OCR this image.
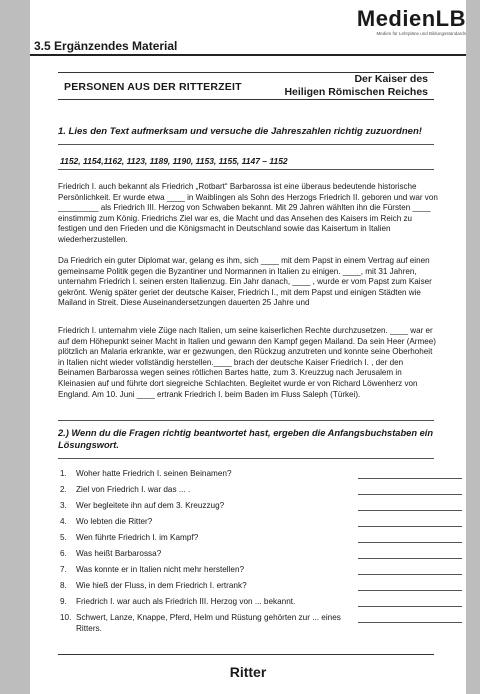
MedienLB
Medien für Lehrpläne und Bildungsstandards
3.5 Ergänzendes Material
PERSONEN AUS DER RITTERZEIT
Der Kaiser des
Heiligen Römischen Reiches
1. Lies den Text aufmerksam und versuche die Jahreszahlen richtig zuzuordnen!
1152, 1154,1162, 1123, 1189, 1190, 1153, 1155, 1147 – 1152

Friedrich I. auch bekannt als Friedrich „Rotbart“ Barbarossa ist eine überaus bedeutende historische Persönlichkeit. Er wurde etwa ____ in Waiblingen als Sohn des Herzogs Friedrich II. geboren und war von _________ als Friedrich III. Herzog von Schwaben bekannt. Mit 29 Jahren wählten ihn die Fürsten ____ einstimmig zum König. Friedrichs Ziel war es, die Macht und das Ansehen des Kaisers im Reich zu festigen und den Frieden und die Königsmacht in Deutschland sowie das Kaisertum in Italien wiederherzustellen.

Da Friedrich ein guter Diplomat war, gelang es ihm, sich ____ mit dem Papst in einem Vertrag auf einen gemeinsame Politik gegen die Byzantiner und Normannen in Italien zu einigen. ____, mit 31 Jahren, unternahm Friedrich I. seinen ersten Italienzug. Ein Jahr danach, ____ , wurde er vom Papst zum Kaiser gekrönt. Wenig später geriet der deutsche Kaiser, Friedrich I., mit dem Papst und einigen Städten wie Mailand in Streit. Diese Auseinandersetzungen dauerten 25 Jahre und

Friedrich I. unternahm viele Züge nach Italien, um seine kaiserlichen Rechte durchzusetzen. ____ war er auf dem Höhepunkt seiner Macht in Italien und gewann den Kampf gegen Mailand. Da sein Heer (Armee) plötzlich an Malaria erkrankte, war er gezwungen, den Rückzug anzutreten und konnte seine Oberhoheit in Italien nicht wieder vollständig herstellen.____ brach der deutsche Kaiser Friedrich I. , der den Beinamen Barbarossa wegen seines rötlichen Bartes hatte, zum 3. Kreuzzug nach Jerusalem in Kleinasien auf und führte dort siegreiche Schlachten. Begleitet wurde er von Richard Löwenherz von England. Am 10. Juni ____ ertrank Friedrich I. beim Baden im Fluss Saleph (Türkei).

2.) Wenn du die Fragen richtig beantwortet hast, ergeben die Anfangsbuchstaben ein Lösungswort.
1. Woher hatte Friedrich I. seinen Beinamen?
2. Ziel von Friedrich I. war das ... .
3. Wer begleitete ihn auf dem 3. Kreuzzug?
4. Wo lebten die Ritter?
5. Wen führte Friedrich I. im Kampf?
6. Was heißt Barbarossa?
7. Was konnte er in Italien nicht mehr herstellen?
8. Wie hieß der Fluss, in dem Friedrich I. ertrank?
9. Friedrich I. war auch als Friedrich III. Herzog von ... bekannt.
10. Schwert, Lanze, Knappe, Pferd, Helm und Rüstung gehörten zur ... eines Ritters.
Ritter
